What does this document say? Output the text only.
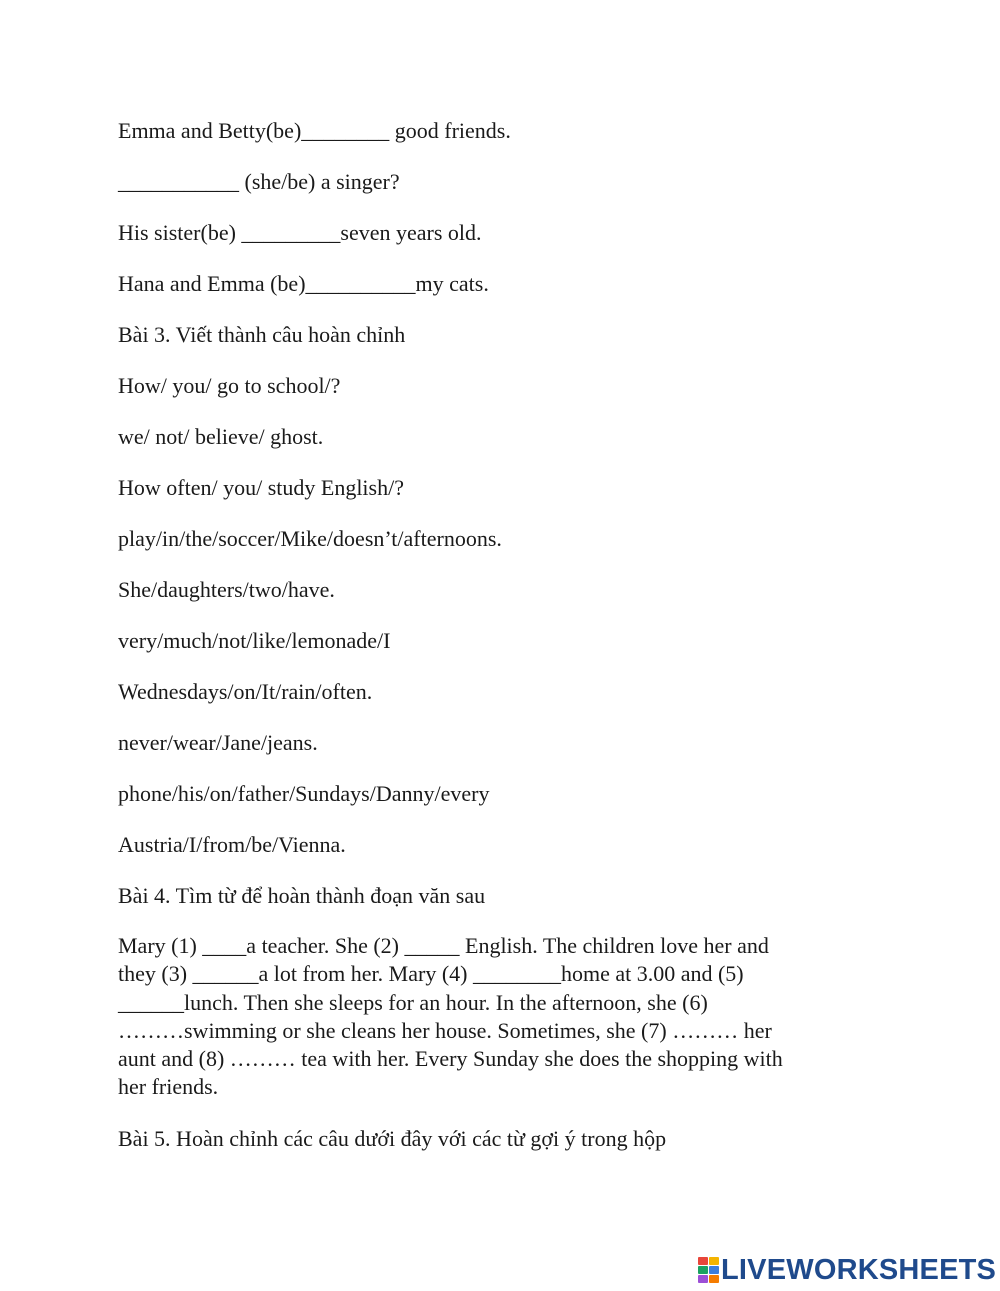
Emma and Betty(be)________ good friends.
___________ (she/be) a singer?
His sister(be) _________seven years old.
Hana and Emma (be)__________my cats.
Bài 3. Viết thành câu hoàn chỉnh
How/ you/ go to school/?
we/ not/ believe/ ghost.
How often/ you/ study English/?
play/in/the/soccer/Mike/doesn’t/afternoons.
She/daughters/two/have.
very/much/not/like/lemonade/I
Wednesdays/on/It/rain/often.
never/wear/Jane/jeans.
phone/his/on/father/Sundays/Danny/every
Austria/I/from/be/Vienna.
Bài 4. Tìm từ để hoàn thành đoạn văn sau
Mary (1) ____a teacher. She (2) _____ English. The children love her and
they (3) ______a lot from her. Mary (4) ________home at 3.00 and (5)
______lunch. Then she sleeps for an hour. In the afternoon, she (6)
………swimming or she cleans her house. Sometimes, she (7) ……… her
aunt and (8) ……… tea with her. Every Sunday she does the shopping with
her friends.
Bài 5. Hoàn chỉnh các câu dưới đây với các từ gợi ý trong hộp
LIVEWORKSHEETS
